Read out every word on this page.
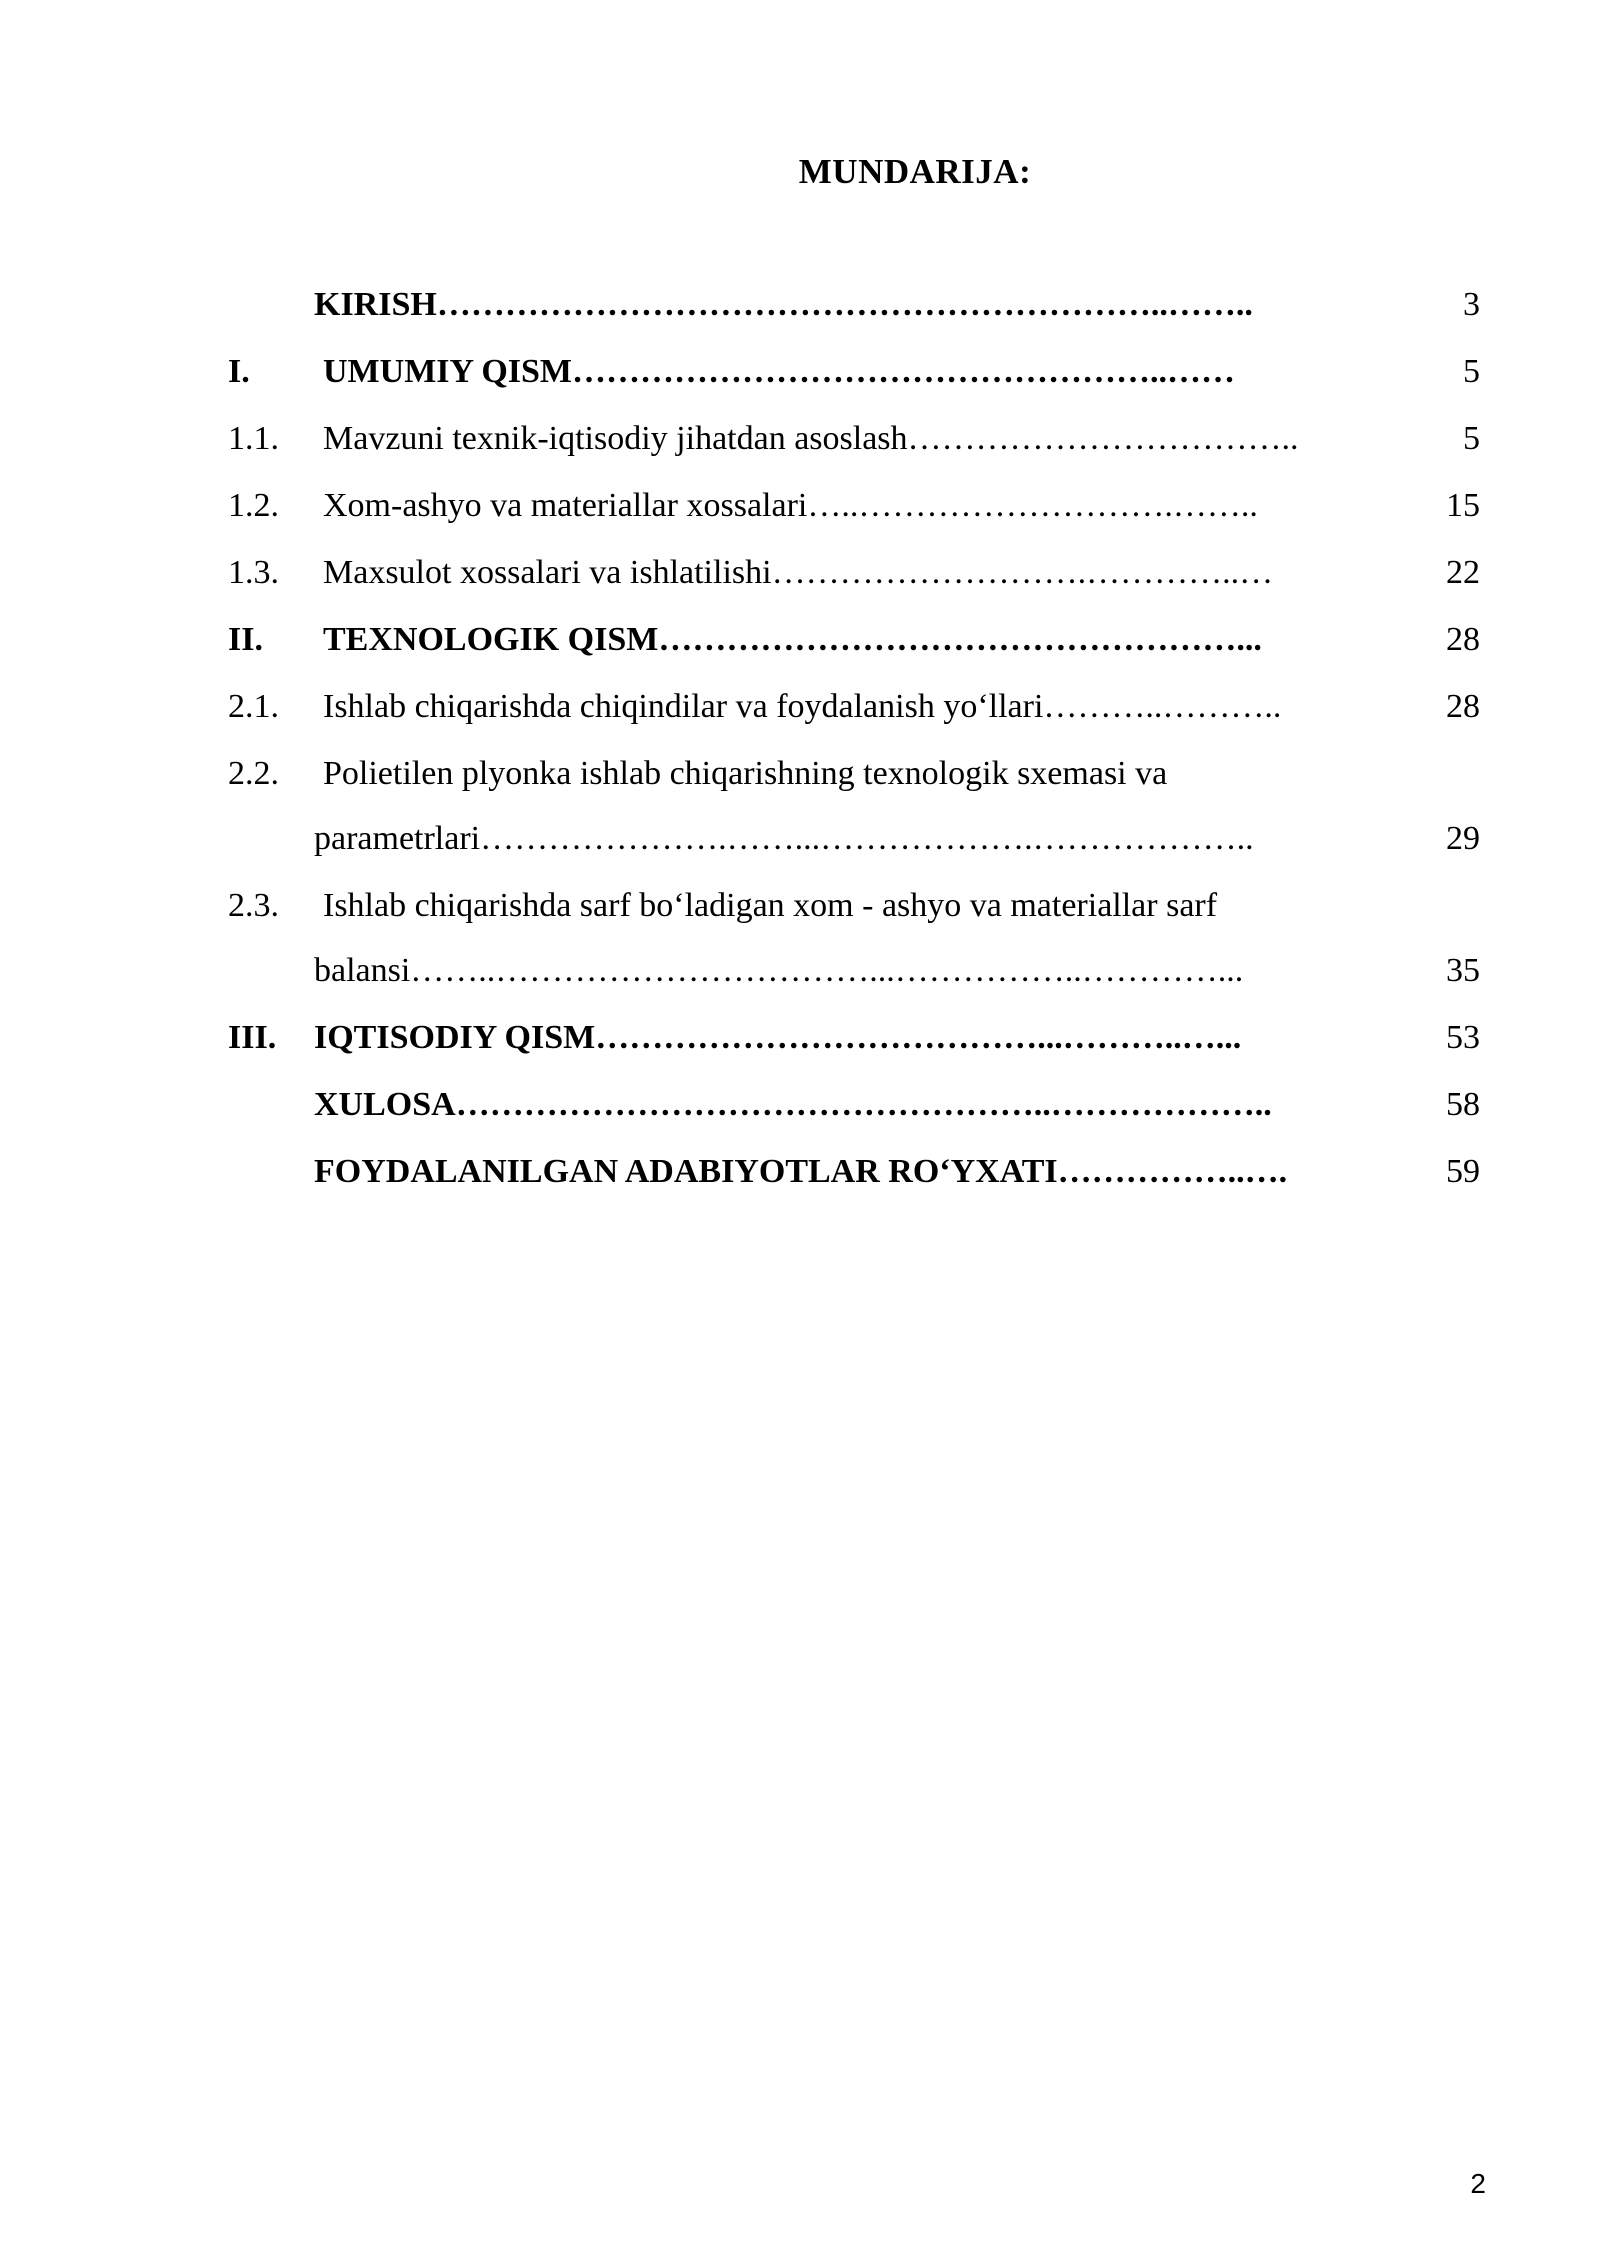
MUNDARIJA:
KIRISH………………………………………………………..……..	3
I. UMUMIY QISM……………………………………………..……	5
1.1. Mavzuni texnik-iqtisodiy jihatdan asoslash……………………………..	5
1.2. Xom-ashyo va materiallar xossalari…..……………………….……..	15
1.3. Maxsulot xossalari va ishlatilishi……………………….…………..…	22
II. TEXNOLOGIK QISM……………………………………………...	28
2.1. Ishlab chiqarishda chiqindilar va foydalanish yo‘llari………..………..	28
2.2. Polietilen plyonka ishlab chiqarishning texnologik sxemasi va
parametrlari………………….……...……………….………………..	29
2.3. Ishlab chiqarishda sarf bo‘ladigan xom - ashyo va materiallar sarf
balansi……..……………………………...……………..…………...	35
III. IQTISODIY QISM…………………………………...………..…...	53
XULOSA……………………………………………..………………..	58
FOYDALANILGAN ADABIYOTLAR RO‘YXATI……………..….	59
2
